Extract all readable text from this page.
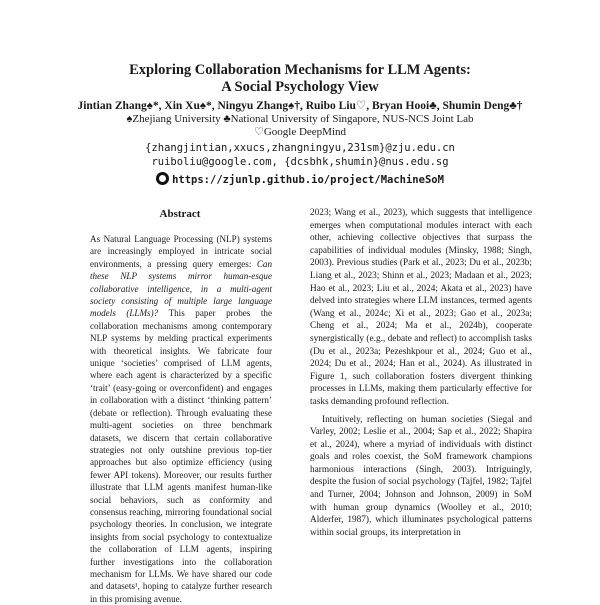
Exploring Collaboration Mechanisms for LLM Agents:
A Social Psychology View
Jintian Zhang♠*, Xin Xu♠*, Ningyu Zhang♠†, Ruibo Liu♡, Bryan Hooi♣, Shumin Deng♣†
♠Zhejiang University ♣National University of Singapore, NUS-NCS Joint Lab
♡Google DeepMind
{zhangjintian,xxucs,zhangningyu,231sm}@zju.edu.cn
ruiboliu@google.com, {dcsbhk,shumin}@nus.edu.sg
https://zjunlp.github.io/project/MachineSoM
Abstract
As Natural Language Processing (NLP) systems are increasingly employed in intricate social environments, a pressing query emerges: Can these NLP systems mirror human-esque collaborative intelligence, in a multi-agent society consisting of multiple large language models (LLMs)? This paper probes the collaboration mechanisms among contemporary NLP systems by melding practical experiments with theoretical insights. We fabricate four unique ‘societies’ comprised of LLM agents, where each agent is characterized by a specific ‘trait’ (easy-going or overconfident) and engages in collaboration with a distinct ‘thinking pattern’ (debate or reflection). Through evaluating these multi-agent societies on three benchmark datasets, we discern that certain collaborative strategies not only outshine previous top-tier approaches but also optimize efficiency (using fewer API tokens). Moreover, our results further illustrate that LLM agents manifest human-like social behaviors, such as conformity and consensus reaching, mirroring foundational social psychology theories. In conclusion, we integrate insights from social psychology to contextualize the collaboration of LLM agents, inspiring further investigations into the collaboration mechanism for LLMs. We have shared our code and datasets¹, hoping to catalyze further research in this promising avenue.

2023; Wang et al., 2023), which suggests that intelligence emerges when computational modules interact with each other, achieving collective objectives that surpass the capabilities of individual modules (Minsky, 1988; Singh, 2003). Previous studies (Park et al., 2023; Du et al., 2023b; Liang et al., 2023; Shinn et al., 2023; Madaan et al., 2023; Hao et al., 2023; Liu et al., 2024; Akata et al., 2023) have delved into strategies where LLM instances, termed agents (Wang et al., 2024c; Xi et al., 2023; Gao et al., 2023a; Cheng et al., 2024; Ma et al., 2024b), cooperate synergistically (e.g., debate and reflect) to accomplish tasks (Du et al., 2023a; Pezeshkpour et al., 2024; Guo et al., 2024; Du et al., 2024; Han et al., 2024). As illustrated in Figure 1, such collaboration fosters divergent thinking processes in LLMs, making them particularly effective for tasks demanding profound reflection.

Intuitively, reflecting on human societies (Siegal and Varley, 2002; Leslie et al., 2004; Sap et al., 2022; Shapira et al., 2024), where a myriad of individuals with distinct goals and roles coexist, the SoM framework champions harmonious interactions (Singh, 2003). Intriguingly, despite the fusion of social psychology (Tajfel, 1982; Tajfel and Turner, 2004; Johnson and Johnson, 2009) in SoM with human group dynamics (Woolley et al., 2010; Alderfer, 1987), which illuminates psychological patterns within social groups, its interpretation in
